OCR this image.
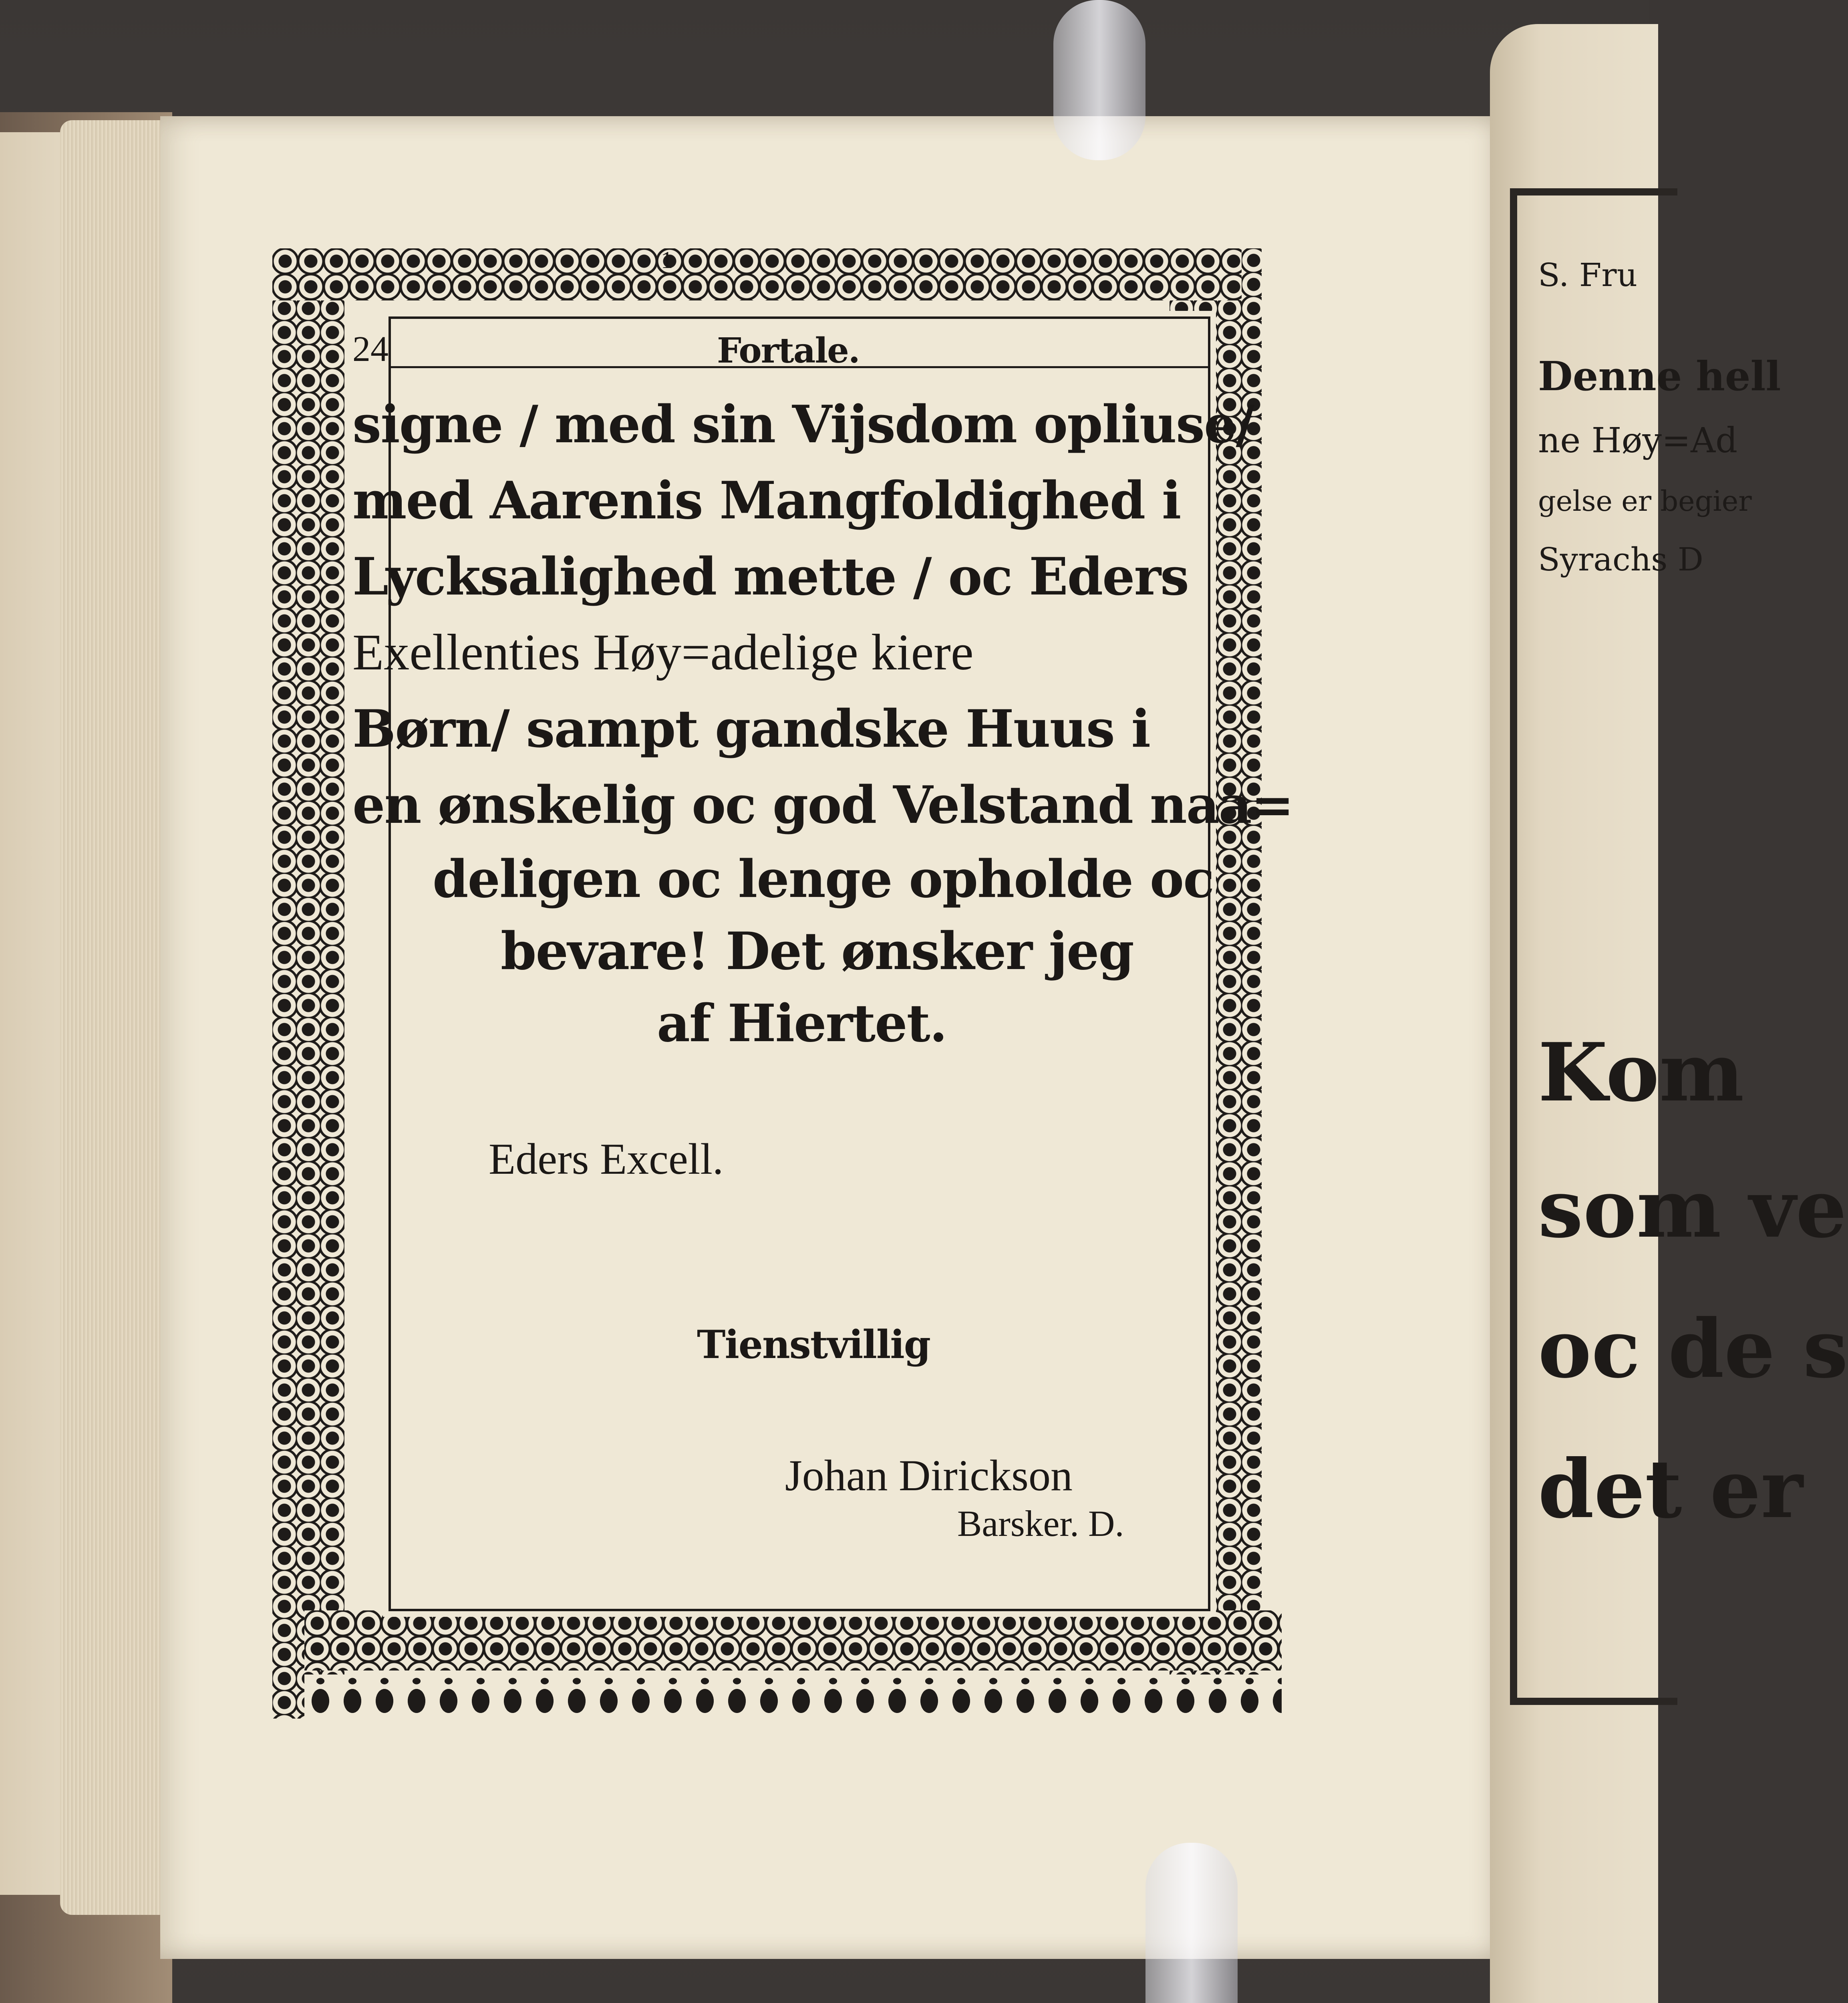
S. Fru
Denne hell
ne Høy=Ad
gelse er begier
Syrachs D
Kom
som ve
oc de s
det er
1
24	Fortale.
signe / med sin Vijsdom opliuse/
med Aarenis Mangfoldighed i
Lycksalighed mette / oc Eders
Exellenties Høy=adelige kiere
Børn/ sampt gandske Huus i
en ønskelig oc god Velstand naa=
deligen oc lenge opholde oc
bevare! Det ønsker jeg
af Hiertet.
Eders Excell.
Tienstvillig
Johan Dirickson
Barsker. D.
